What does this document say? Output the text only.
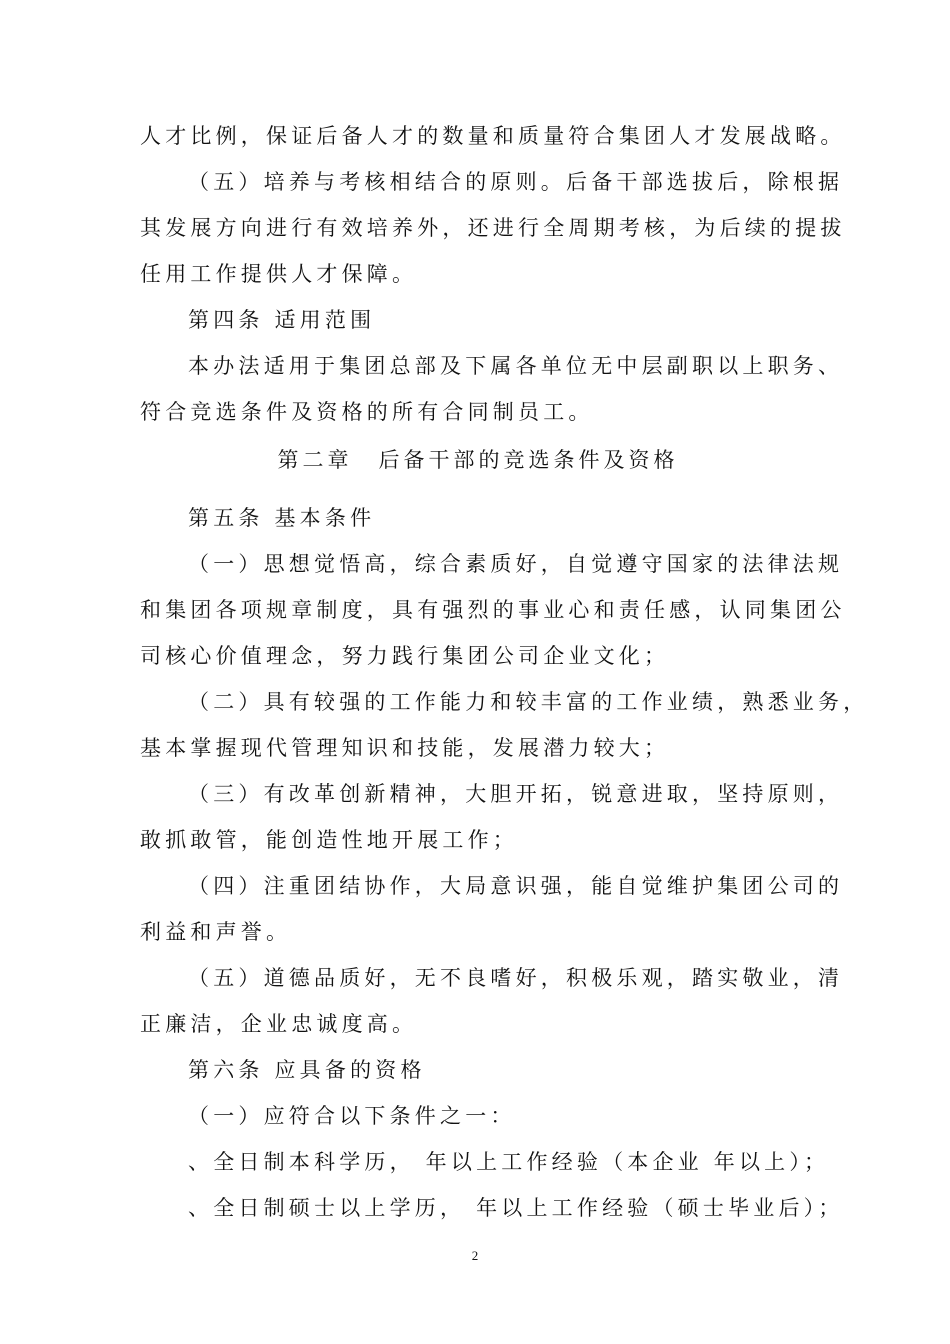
人才比例，保证后备人才的数量和质量符合集团人才发展战略。
（五）培养与考核相结合的原则。后备干部选拔后，除根据
其发展方向进行有效培养外，还进行全周期考核，为后续的提拔
任用工作提供人才保障。
第四条 适用范围
本办法适用于集团总部及下属各单位无中层副职以上职务、
符合竞选条件及资格的所有合同制员工。
第二章 后备干部的竞选条件及资格
第五条 基本条件
（一）思想觉悟高，综合素质好，自觉遵守国家的法律法规
和集团各项规章制度，具有强烈的事业心和责任感，认同集团公
司核心价值理念，努力践行集团公司企业文化；
（二）具有较强的工作能力和较丰富的工作业绩，熟悉业务，
基本掌握现代管理知识和技能，发展潜力较大；
（三）有改革创新精神，大胆开拓，锐意进取，坚持原则，
敢抓敢管，能创造性地开展工作；
（四）注重团结协作，大局意识强，能自觉维护集团公司的
利益和声誉。
（五）道德品质好，无不良嗜好，积极乐观，踏实敬业，清
正廉洁，企业忠诚度高。
第六条 应具备的资格
（一）应符合以下条件之一：
、全日制本科学历， 年以上工作经验（本企业 年以上）；
、全日制硕士以上学历， 年以上工作经验（硕士毕业后）；
2
